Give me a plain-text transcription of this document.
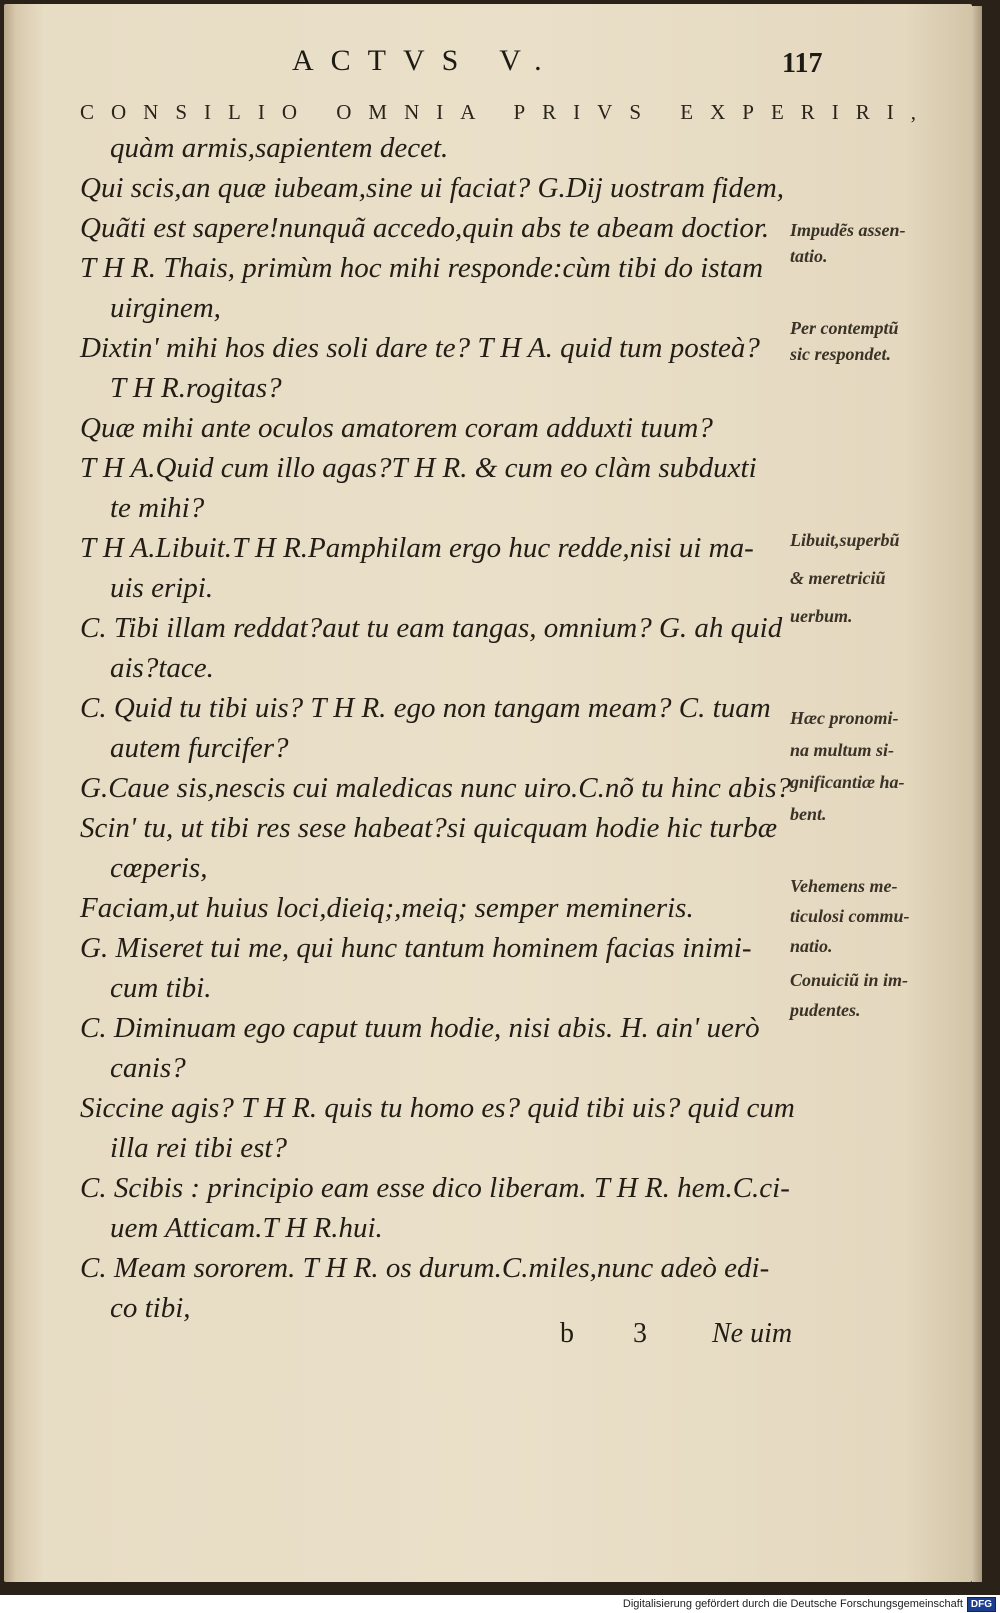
ACTVS V.	117
CONSILIO OMNIA PRIVS EXPERIRI,
quàm armis,sapientem decet.
Qui scis,an quæ iubeam,sine ui faciat? G.Dij uostram fidem,
Quãti est sapere!nunquã accedo,quin abs te abeam doctior.
T H R. Thais, primùm hoc mihi responde:cùm tibi do istam
uirginem,
Dixtin' mihi hos dies soli dare te? T H A. quid tum posteà?
T H R.rogitas?
Quæ mihi ante oculos amatorem coram adduxti tuum?
T H A.Quid cum illo agas?T H R. & cum eo clàm subduxti
te mihi?
T H A.Libuit.T H R.Pamphilam ergo huc redde,nisi ui ma-
uis eripi.
C. Tibi illam reddat?aut tu eam tangas, omnium? G. ah quid
ais?tace.
C. Quid tu tibi uis? T H R. ego non tangam meam? C. tuam
autem furcifer?
G.Caue sis,nescis cui maledicas nunc uiro.C.nõ tu hinc abis?
Scin' tu, ut tibi res sese habeat?si quicquam hodie hic turbæ
cœperis,
Faciam,ut huius loci,dieiq;,meiq; semper memineris.
G. Miseret tui me, qui hunc tantum hominem facias inimi-
cum tibi.
C. Diminuam ego caput tuum hodie, nisi abis. H. ain' uerò
canis?
Siccine agis? T H R. quis tu homo es? quid tibi uis? quid cum
illa rei tibi est?
C. Scibis : principio eam esse dico liberam. T H R. hem.C.ci-
uem Atticam.T H R.hui.
C. Meam sororem. T H R. os durum.C.miles,nunc adeò edi-
co tibi,
Impudẽs assen-
tatio.
Per contemptũ
sic respondet.
Libuit,superbũ
& meretriciũ
uerbum.
Hæc pronomi-
na multum si-
gnificantiæ ha-
bent.
Vehemens me-
ticulosi commu-
natio.
Conuiciũ in im-
pudentes.
b 3 Ne uim
Digitalisierung gefördert durch die Deutsche Forschungsgemeinschaft DFG
